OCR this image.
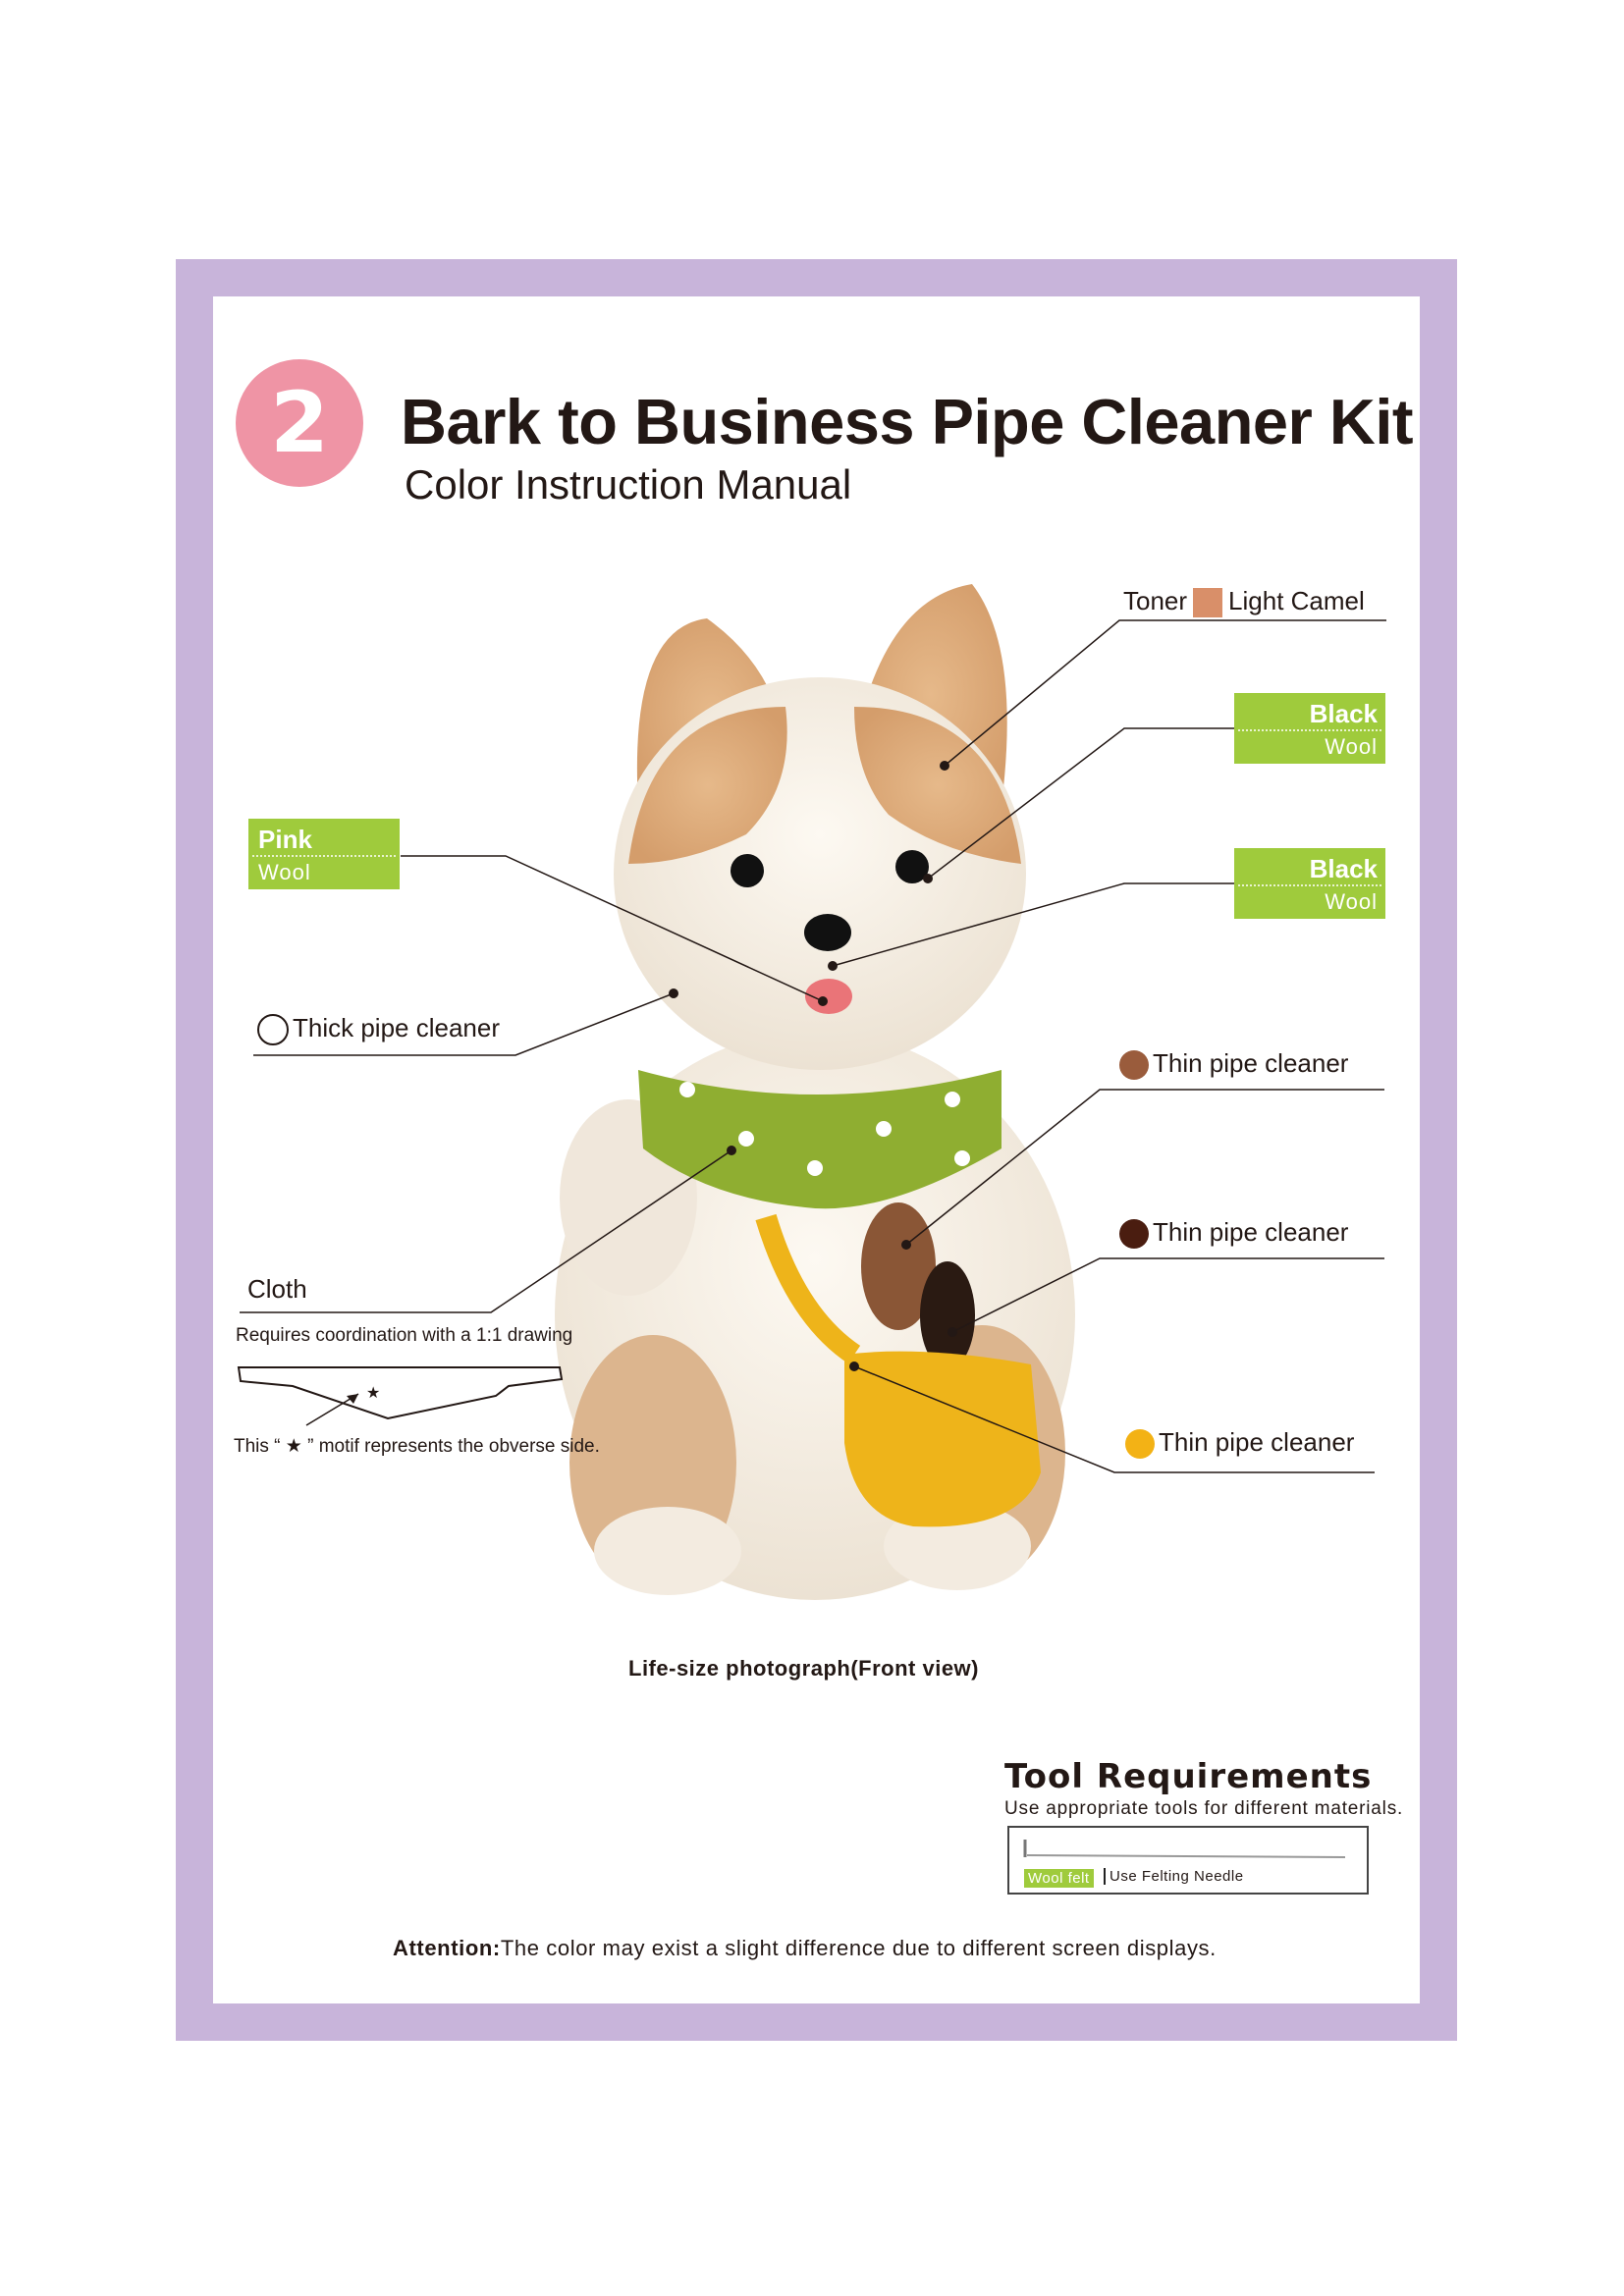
2 Bark to Business Pipe Cleaner Kit
Color Instruction Manual
★
Toner Light Camel
Black
Wool
Black
Wool
Pink
Wool
Thick pipe cleaner
Thin pipe cleaner
Thin pipe cleaner
Thin pipe cleaner
Cloth
Requires coordination with a 1:1 drawing
This “ ★ ” motif represents the obverse side.
Life-size photograph(Front view)
Tool Requirements
Use appropriate tools for different materials.
Wool felt	Use Felting Needle
Attention:The color may exist a slight difference due to different screen displays.
